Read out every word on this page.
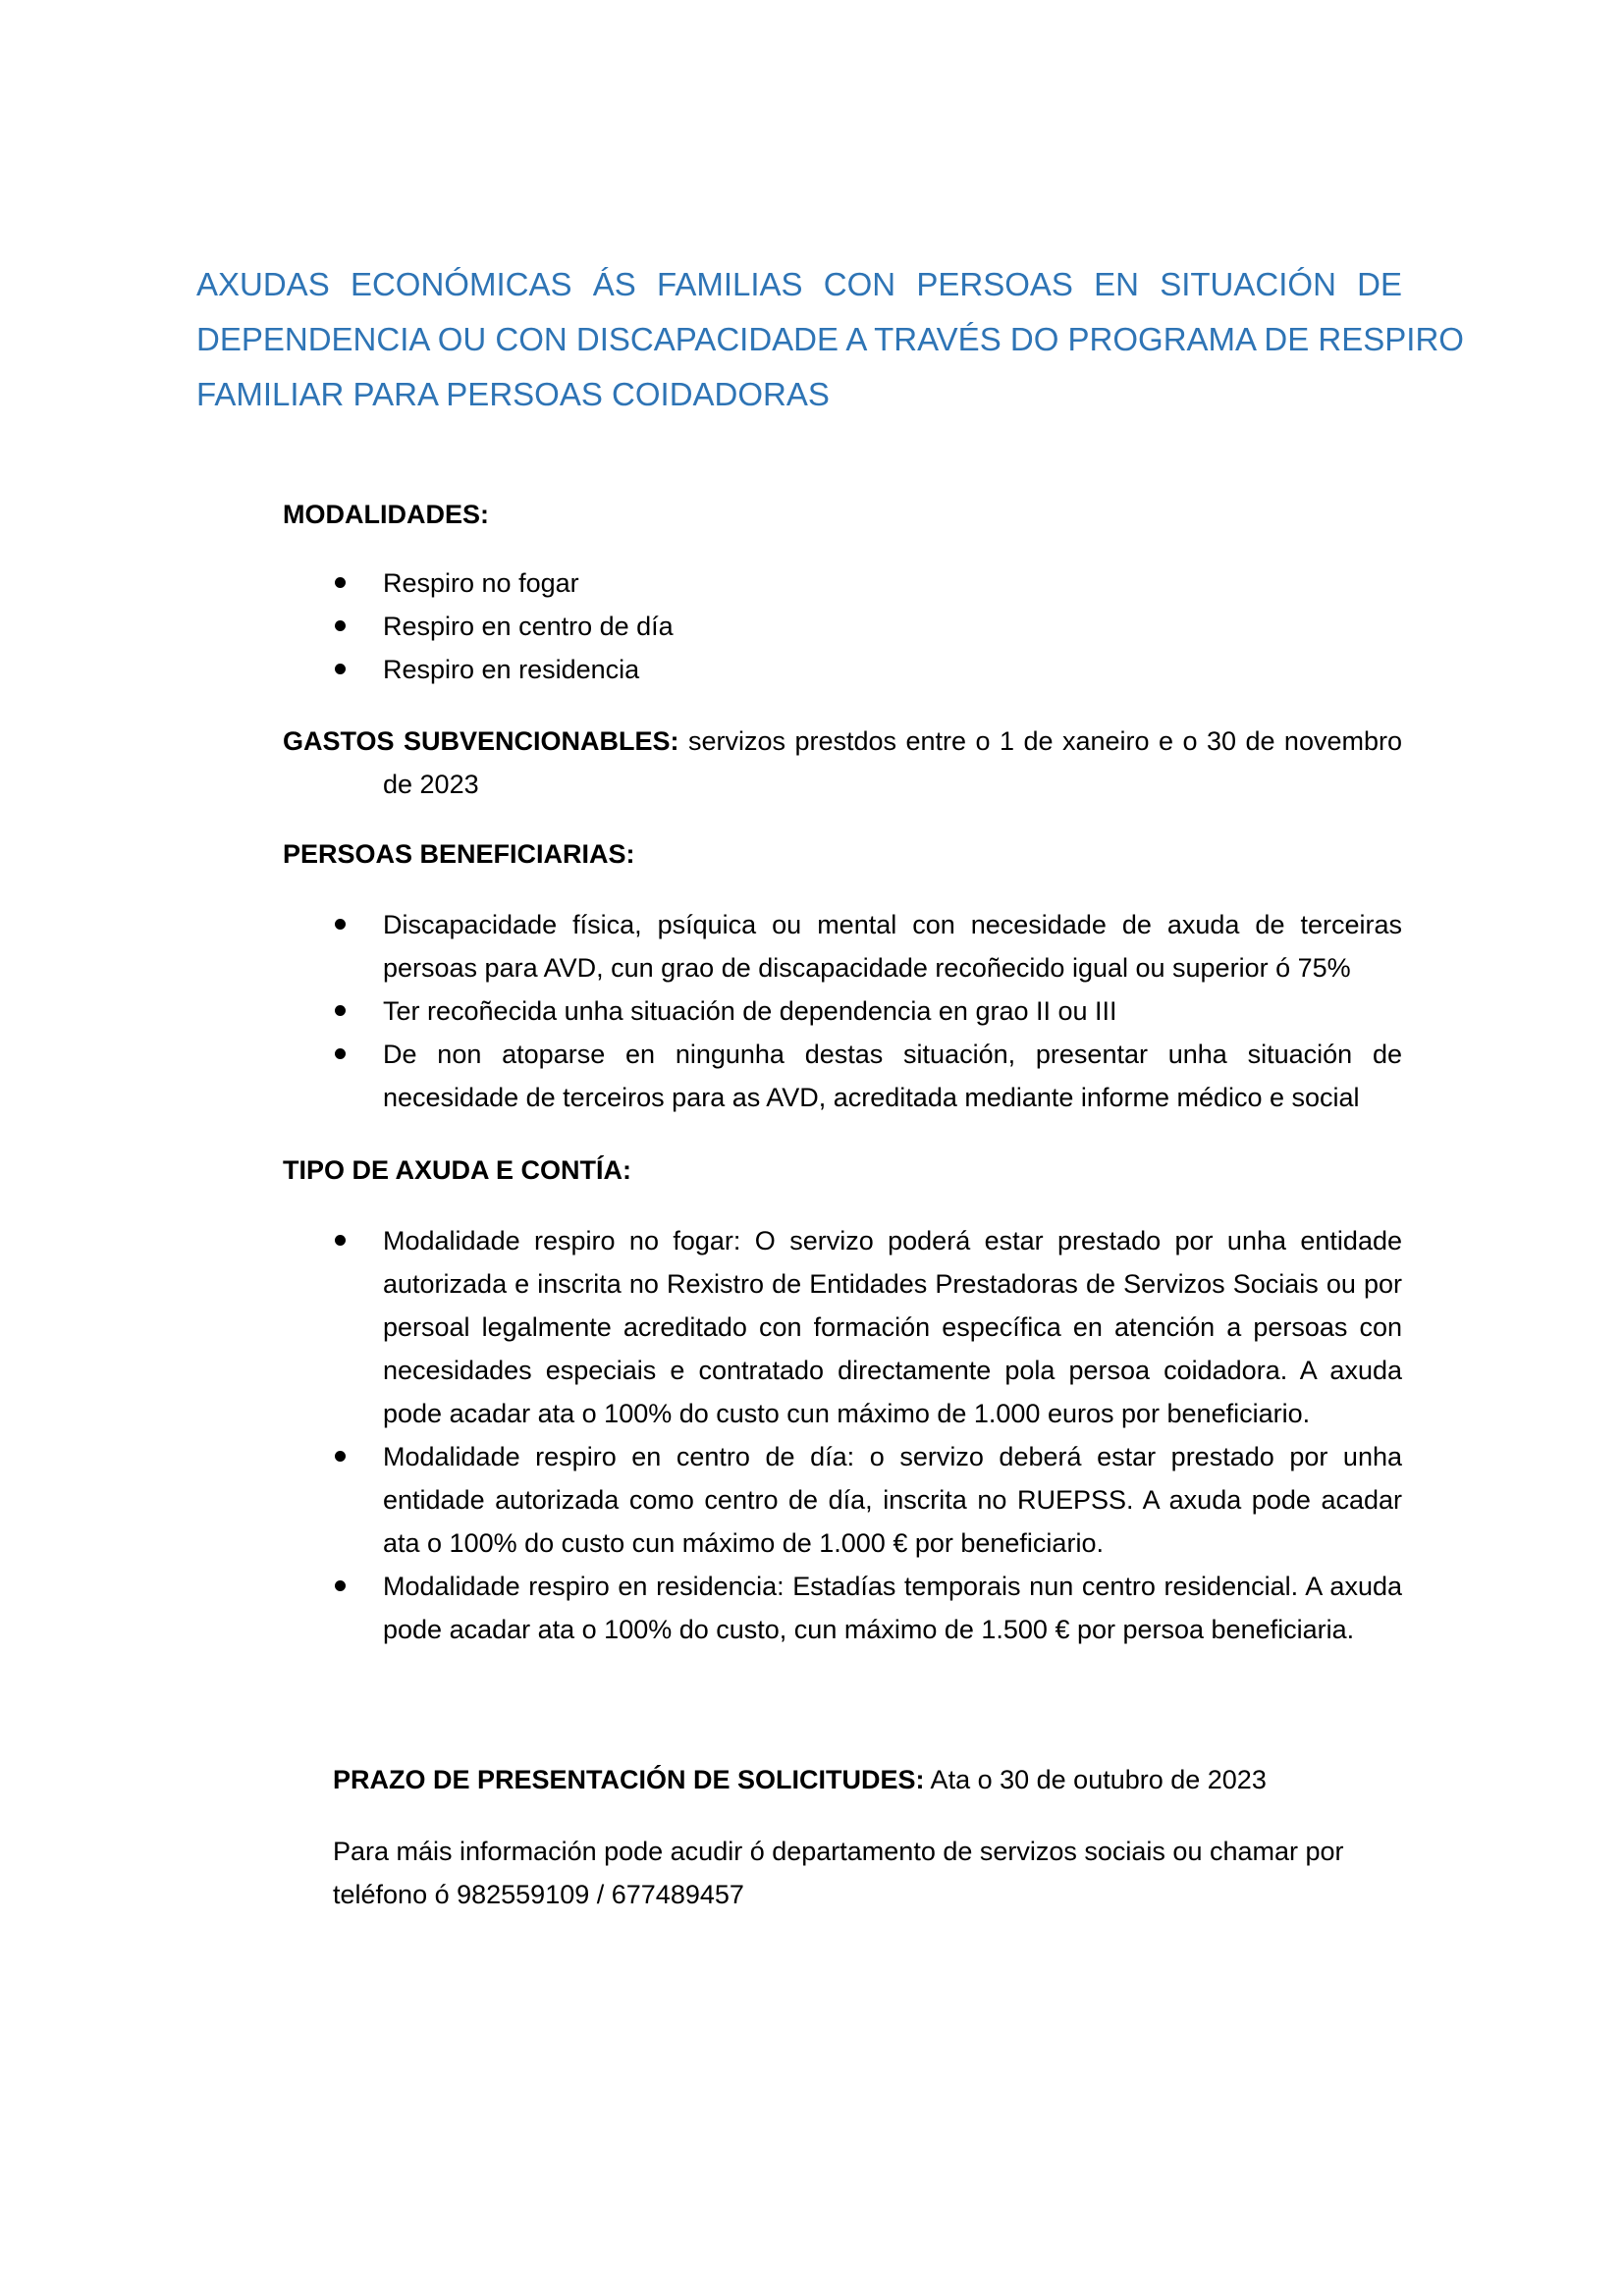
AXUDAS ECONÓMICAS ÁS FAMILIAS CON PERSOAS EN SITUACIÓN DE
DEPENDENCIA OU CON DISCAPACIDADE A TRAVÉS DO PROGRAMA DE RESPIRO
FAMILIAR PARA PERSOAS COIDADORAS
MODALIDADES:
Respiro no fogar
Respiro en centro de día
Respiro en residencia

GASTOS SUBVENCIONABLES: servizos prestdos entre o 1 de xaneiro e o 30 de novembro de 2023

PERSOAS BENEFICIARIAS:
Discapacidade física, psíquica ou mental con necesidade de axuda de terceiras persoas para AVD, cun grao de discapacidade recoñecido igual ou superior ó 75%
Ter recoñecida unha situación de dependencia en grao II ou III
De non atoparse en ningunha destas situación, presentar unha situación de necesidade de terceiros para as AVD, acreditada mediante informe médico e social
TIPO DE AXUDA E CONTÍA:
Modalidade respiro no fogar: O servizo poderá estar prestado por unha entidade autorizada e inscrita no Rexistro de Entidades Prestadoras de Servizos Sociais ou por persoal legalmente acreditado con formación específica en atención a persoas con necesidades especiais e contratado directamente pola persoa coidadora. A axuda pode acadar ata o 100% do custo cun máximo de 1.000 euros por beneficiario.
Modalidade respiro en centro de día: o servizo deberá estar prestado por unha entidade autorizada como centro de día, inscrita no RUEPSS. A axuda pode acadar ata o 100% do custo cun máximo de 1.000 € por beneficiario.
Modalidade respiro en residencia: Estadías temporais nun centro residencial. A axuda pode acadar ata o 100% do custo, cun máximo de 1.500 € por persoa beneficiaria.

PRAZO DE PRESENTACIÓN DE SOLICITUDES: Ata o 30 de outubro de 2023

Para máis información pode acudir ó departamento de servizos sociais ou chamar por teléfono ó 982559109 / 677489457
